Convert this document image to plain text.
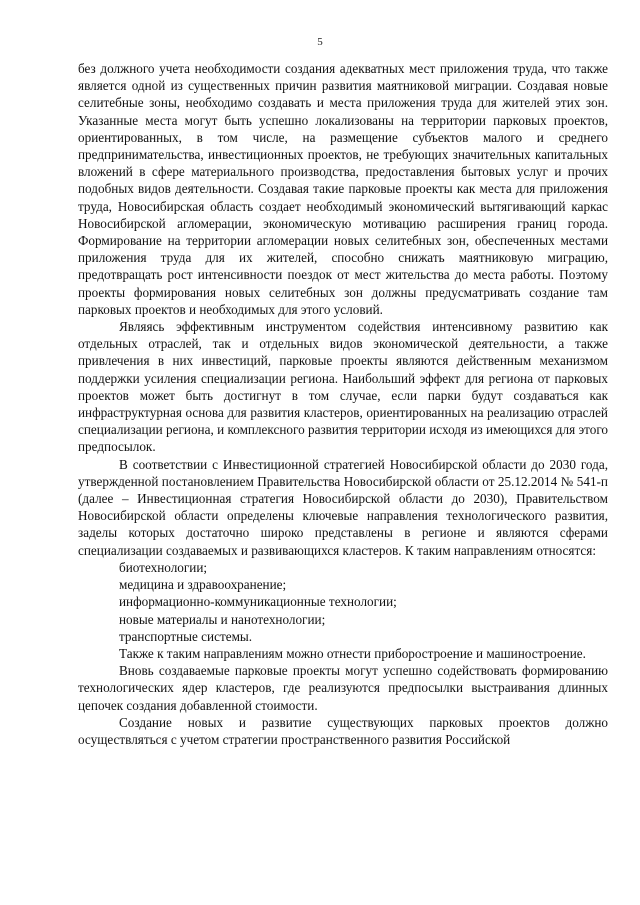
5

без должного учета необходимости создания адекватных мест приложения труда, что также является одной из существенных причин развития маятниковой миграции. Создавая новые селитебные зоны, необходимо создавать и места приложения труда для жителей этих зон. Указанные места могут быть успешно локализованы на территории парковых проектов, ориентированных, в том числе, на размещение субъектов малого и среднего предпринимательства, инвестиционных проектов, не требующих значительных капитальных вложений в сфере материального производства, предоставления бытовых услуг и прочих подобных видов деятельности. Создавая такие парковые проекты как места для приложения труда, Новосибирская область создает необходимый экономический вытягивающий каркас Новосибирской агломерации, экономическую мотивацию расширения границ города. Формирование на территории агломерации новых селитебных зон, обеспеченных местами приложения труда для их жителей, способно снижать маятниковую миграцию, предотвращать рост интенсивности поездок от мест жительства до места работы. Поэтому проекты формирования новых селитебных зон должны предусматривать создание там парковых проектов и необходимых для этого условий.

Являясь эффективным инструментом содействия интенсивному развитию как отдельных отраслей, так и отдельных видов экономической деятельности, а также привлечения в них инвестиций, парковые проекты являются действенным механизмом поддержки усиления специализации региона. Наибольший эффект для региона от парковых проектов может быть достигнут в том случае, если парки будут создаваться как инфраструктурная основа для развития кластеров, ориентированных на реализацию отраслей специализации региона, и комплексного развития территории исходя из имеющихся для этого предпосылок.

В соответствии с Инвестиционной стратегией Новосибирской области до 2030 года, утвержденной постановлением Правительства Новосибирской области от 25.12.2014 № 541-п (далее – Инвестиционная стратегия Новосибирской области до 2030), Правительством Новосибирской области определены ключевые направления технологического развития, заделы которых достаточно широко представлены в регионе и являются сферами специализации создаваемых и развивающихся кластеров. К таким направлениям относятся:

биотехнологии;

медицина и здравоохранение;

информационно-коммуникационные технологии;

новые материалы и нанотехнологии;

транспортные системы.

Также к таким направлениям можно отнести приборостроение и машиностроение.

Вновь создаваемые парковые проекты могут успешно содействовать формированию технологических ядер кластеров, где реализуются предпосылки выстраивания длинных цепочек создания добавленной стоимости.

Создание новых и развитие существующих парковых проектов должно осуществляться с учетом стратегии пространственного развития Российской
